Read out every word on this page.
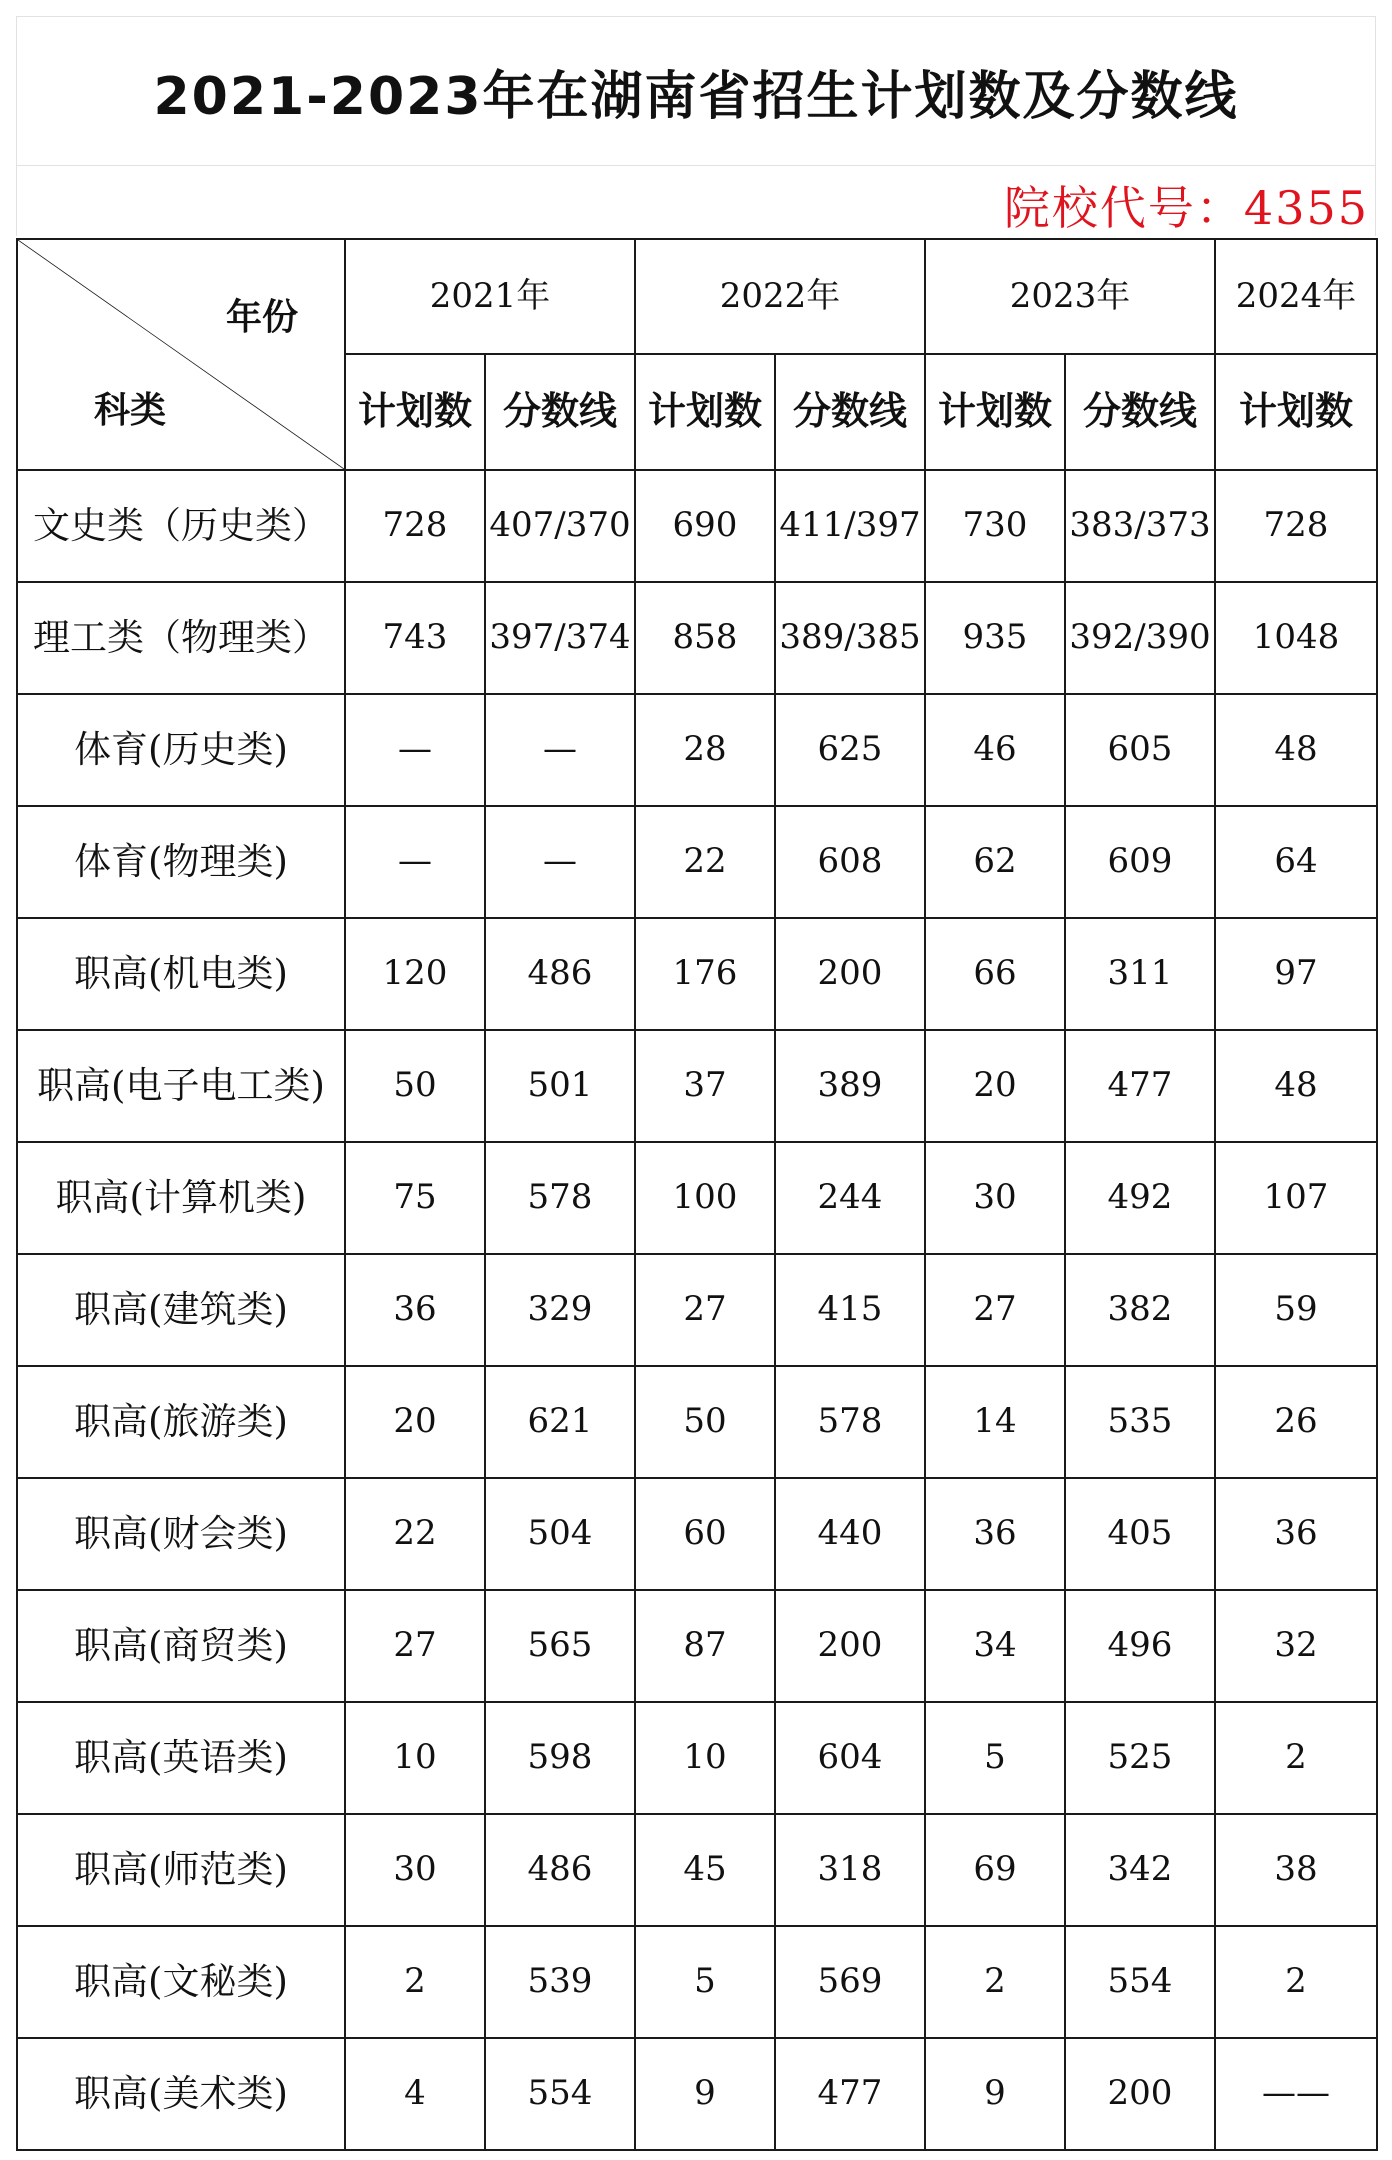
2021-2023年在湖南省招生计划数及分数线
院校代号：4355
年份
科类	2021年		2022年		2023年		2024年
	计划数	分数线	计划数	分数线	计划数	分数线	计划数
文史类（历史类）	728	407/370	690	411/397	730	383/373	728
理工类（物理类）	743	397/374	858	389/385	935	392/390	1048
体育(历史类)	—	—	28	625	46	605	48
体育(物理类)	—	—	22	608	62	609	64
职高(机电类)	120	486	176	200	66	311	97
职高(电子电工类)	50	501	37	389	20	477	48
职高(计算机类)	75	578	100	244	30	492	107
职高(建筑类)	36	329	27	415	27	382	59
职高(旅游类)	20	621	50	578	14	535	26
职高(财会类)	22	504	60	440	36	405	36
职高(商贸类)	27	565	87	200	34	496	32
职高(英语类)	10	598	10	604	5	525	2
职高(师范类)	30	486	45	318	69	342	38
职高(文秘类)	2	539	5	569	2	554	2
职高(美术类)	4	554	9	477	9	200	——
